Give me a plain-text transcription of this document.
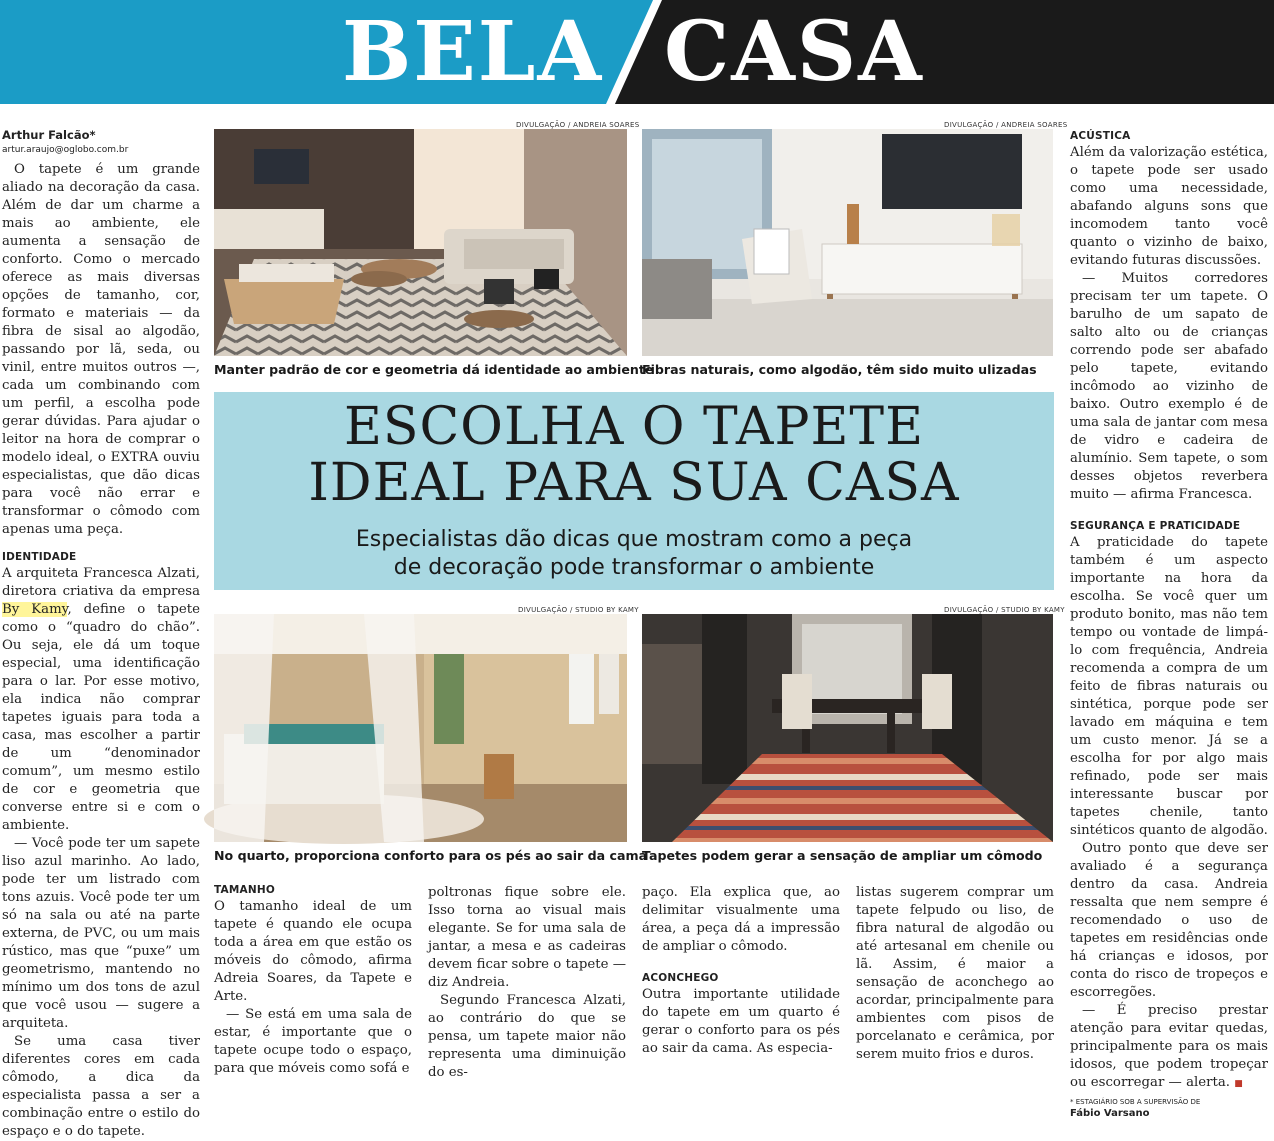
BELA CASA

Arthur Falcão*

artur.araujo@oglobo.com.br

O tapete é um grande aliado na decoração da casa. Além de dar um charme a mais ao ambiente, ele aumenta a sensação de conforto. Como o mercado oferece as mais diversas opções de tamanho, cor, formato e materiais — da fibra de sisal ao algodão, passando por lã, seda, ou vinil, entre muitos outros —, cada um combinando com um perfil, a escolha pode gerar dúvidas. Para ajudar o leitor na hora de comprar o modelo ideal, o EXTRA ouviu especialistas, que dão dicas para você não errar e transformar o cômodo com apenas uma peça.

IDENTIDADE

A arquiteta Francesca Alzati, diretora criativa da empresa By Kamy, define o tapete como o “quadro do chão”. Ou seja, ele dá um toque especial, uma identificação para o lar. Por esse motivo, ela indica não comprar tapetes iguais para toda a casa, mas escolher a partir de um “denominador comum”, um mesmo estilo de cor e geometria que converse entre si e com o ambiente.

— Você pode ter um sapete liso azul marinho. Ao lado, pode ter um listrado com tons azuis. Você pode ter um só na sala ou até na parte externa, de PVC, ou um mais rústico, mas que “puxe” um geometrismo, mantendo no mínimo um dos tons de azul que você usou — sugere a arquiteta.

Se uma casa tiver diferentes cores em cada cômodo, a dica da especialista passa a ser a combinação entre o estilo do espaço e o do tapete.

DIVULGAÇÃO / ANDREIA SOARES
Manter padrão de cor e geometria dá identidade ao ambiente
DIVULGAÇÃO / ANDREIA SOARES
Fibras naturais, como algodão, têm sido muito ulizadas
ESCOLHA O TAPETE
IDEAL PARA SUA CASA
Especialistas dão dicas que mostram como a peça
de decoração pode transformar o ambiente
DIVULGAÇÃO / STUDIO BY KAMY
No quarto, proporciona conforto para os pés ao sair da cama
DIVULGAÇÃO / STUDIO BY KAMY
Tapetes podem gerar a sensação de ampliar um cômodo

TAMANHO

O tamanho ideal de um tapete é quando ele ocupa toda a área em que estão os móveis do cômodo, afirma Adreia Soares, da Tapete e Arte.

— Se está em uma sala de estar, é importante que o tapete ocupe todo o espaço, para que móveis como sofá e

poltronas fique sobre ele. Isso torna ao visual mais elegante. Se for uma sala de jantar, a mesa e as cadeiras devem ficar sobre o tapete — diz Andreia.

Segundo Francesca Alzati, ao contrário do que se pensa, um tapete maior não representa uma diminuição do es-

paço. Ela explica que, ao delimitar visualmente uma área, a peça dá a impressão de ampliar o cômodo.

ACONCHEGO

Outra importante utilidade do tapete em um quarto é gerar o conforto para os pés ao sair da cama. As especia-

listas sugerem comprar um tapete felpudo ou liso, de fibra natural de algodão ou até artesanal em chenile ou lã. Assim, é maior a sensação de aconchego ao acordar, principalmente para ambientes com pisos de porcelanato e cerâmica, por serem muito frios e duros.

ACÚSTICA

Além da valorização estética, o tapete pode ser usado como uma necessidade, abafando alguns sons que incomodem tanto você quanto o vizinho de baixo, evitando futuras discussões.

— Muitos corredores precisam ter um tapete. O barulho de um sapato de salto alto ou de crianças correndo pode ser abafado pelo tapete, evitando incômodo ao vizinho de baixo. Outro exemplo é de uma sala de jantar com mesa de vidro e cadeira de alumínio. Sem tapete, o som desses objetos reverbera muito — afirma Francesca.

SEGURANÇA E PRATICIDADE

A praticidade do tapete também é um aspecto importante na hora da escolha. Se você quer um produto bonito, mas não tem tempo ou vontade de limpá-lo com frequência, Andreia recomenda a compra de um feito de fibras naturais ou sintética, porque pode ser lavado em máquina e tem um custo menor. Já se a escolha for por algo mais refinado, pode ser mais interessante buscar por tapetes chenile, tanto sintéticos quanto de algodão.

Outro ponto que deve ser avaliado é a segurança dentro da casa. Andreia ressalta que nem sempre é recomendado o uso de tapetes em residências onde há crianças e idosos, por conta do risco de tropeços e escorregões.

— É preciso prestar atenção para evitar quedas, principalmente para os mais idosos, que podem tropeçar ou escorregar — alerta. ■

* ESTAGIÁRIO SOB A SUPERVISÃO DE

Fábio Varsano
